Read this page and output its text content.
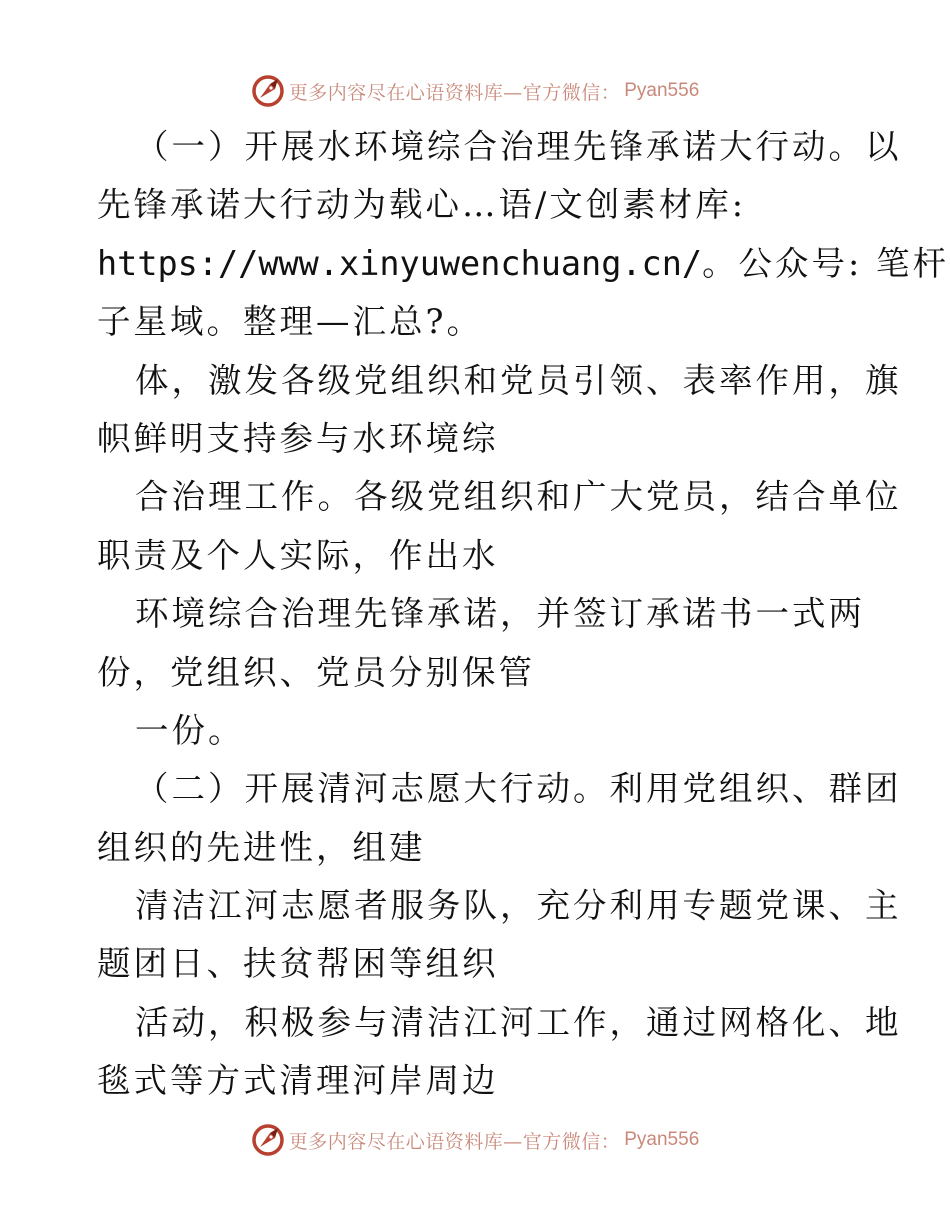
更多内容尽在心语资料库—官方微信： Pyan556
（一）开展水环境综合治理先锋承诺大行动。以
先锋承诺大行动为载心…语/文创素材库:
https://www.xinyuwenchuang.cn/。公众号: 笔杆
子星域。整理—汇总?。
体，激发各级党组织和党员引领、表率作用，旗
帜鲜明支持参与水环境综
合治理工作。各级党组织和广大党员，结合单位
职责及个人实际，作出水
环境综合治理先锋承诺，并签订承诺书一式两
份，党组织、党员分别保管
一份。
（二）开展清河志愿大行动。利用党组织、群团
组织的先进性，组建
清洁江河志愿者服务队，充分利用专题党课、主
题团日、扶贫帮困等组织
活动，积极参与清洁江河工作，通过网格化、地
毯式等方式清理河岸周边
更多内容尽在心语资料库—官方微信： Pyan556
